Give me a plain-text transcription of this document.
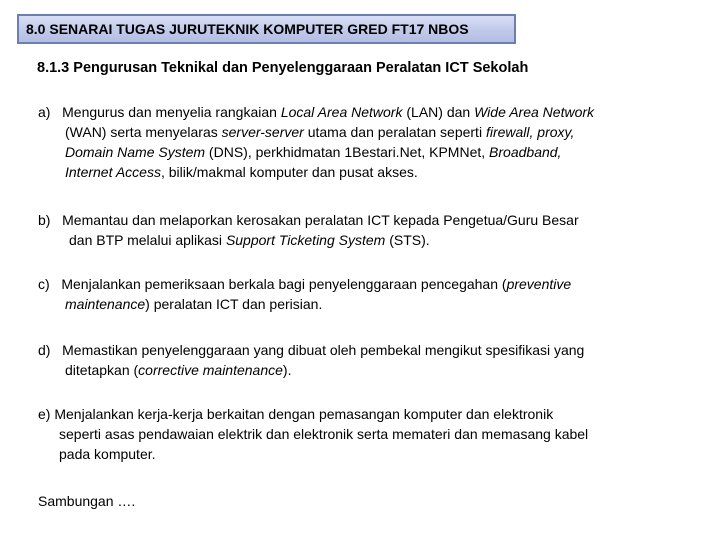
8.0 SENARAI TUGAS JURUTEKNIK KOMPUTER GRED FT17 NBOS
8.1.3 Pengurusan Teknikal dan Penyelenggaraan Peralatan ICT Sekolah
a) Mengurus dan menyelia rangkaian Local Area Network (LAN) dan Wide Area Network
(WAN) serta menyelaras server-server utama dan peralatan seperti firewall, proxy,
Domain Name System (DNS), perkhidmatan 1Bestari.Net, KPMNet, Broadband,
Internet Access, bilik/makmal komputer dan pusat akses.
b) Memantau dan melaporkan kerosakan peralatan ICT kepada Pengetua/Guru Besar
dan BTP melalui aplikasi Support Ticketing System (STS).
c) Menjalankan pemeriksaan berkala bagi penyelenggaraan pencegahan (preventive
maintenance) peralatan ICT dan perisian.
d) Memastikan penyelenggaraan yang dibuat oleh pembekal mengikut spesifikasi yang
ditetapkan (corrective maintenance).
e) Menjalankan kerja-kerja berkaitan dengan pemasangan komputer dan elektronik
seperti asas pendawaian elektrik dan elektronik serta memateri dan memasang kabel
pada komputer.
Sambungan ….
